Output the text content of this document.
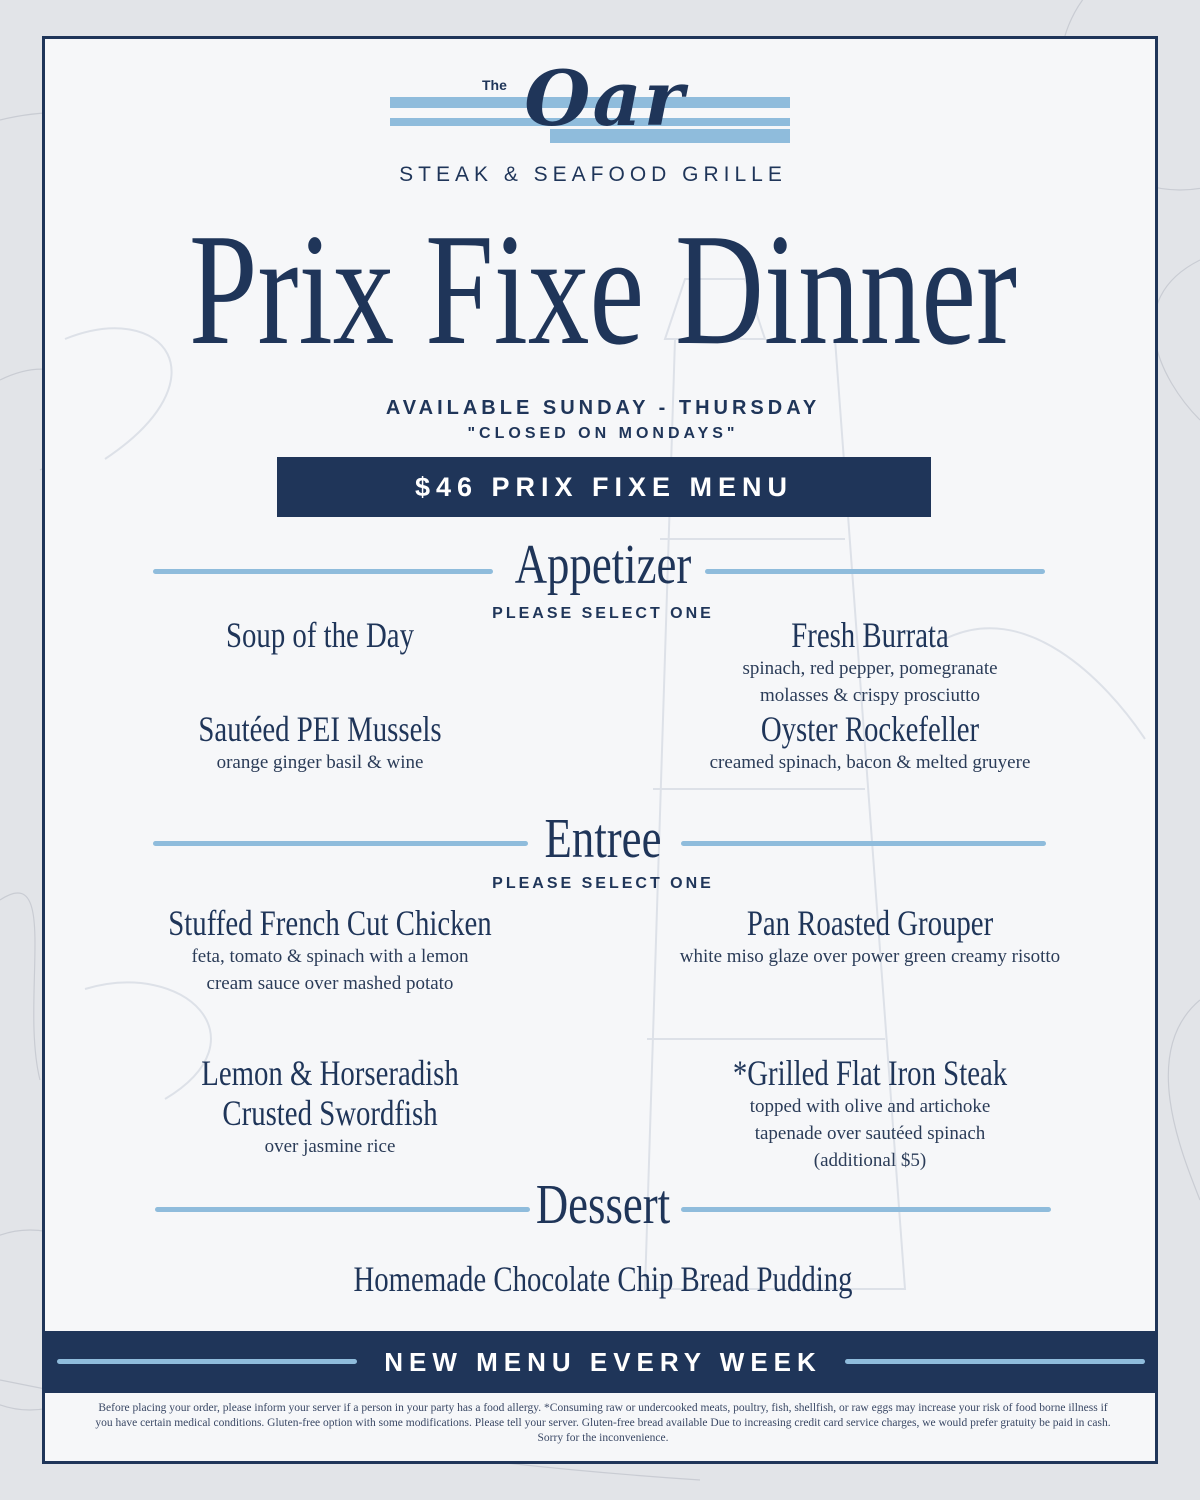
The Oar
STEAK & SEAFOOD GRILLE
Prix Fixe Dinner
AVAILABLE SUNDAY - THURSDAY
"CLOSED ON MONDAYS"
$46 PRIX FIXE MENU
Appetizer
PLEASE SELECT ONE
Soup of the Day	Fresh Burrata
spinach, red pepper, pomegranate
molasses & crispy prosciutto
Sautéed PEI Mussels
orange ginger basil & wine
Oyster Rockefeller
creamed spinach, bacon & melted gruyere
Entree
PLEASE SELECT ONE
Stuffed French Cut Chicken
feta, tomato & spinach with a lemon
cream sauce over mashed potato
Pan Roasted Grouper
white miso glaze over power green creamy risotto
Lemon & Horseradish
Crusted Swordfish
over jasmine rice
*Grilled Flat Iron Steak
topped with olive and artichoke
tapenade over sautéed spinach
(additional $5)
Dessert
Homemade Chocolate Chip Bread Pudding
NEW MENU EVERY WEEK
Before placing your order, please inform your server if a person in your party has a food allergy. *Consuming raw or undercooked meats, poultry, fish, shellfish, or raw eggs may increase your risk of food borne illness if you have certain medical conditions. Gluten-free option with some modifications. Please tell your server. Gluten-free bread available Due to increasing credit card service charges, we would prefer gratuity be paid in cash. Sorry for the inconvenience.
